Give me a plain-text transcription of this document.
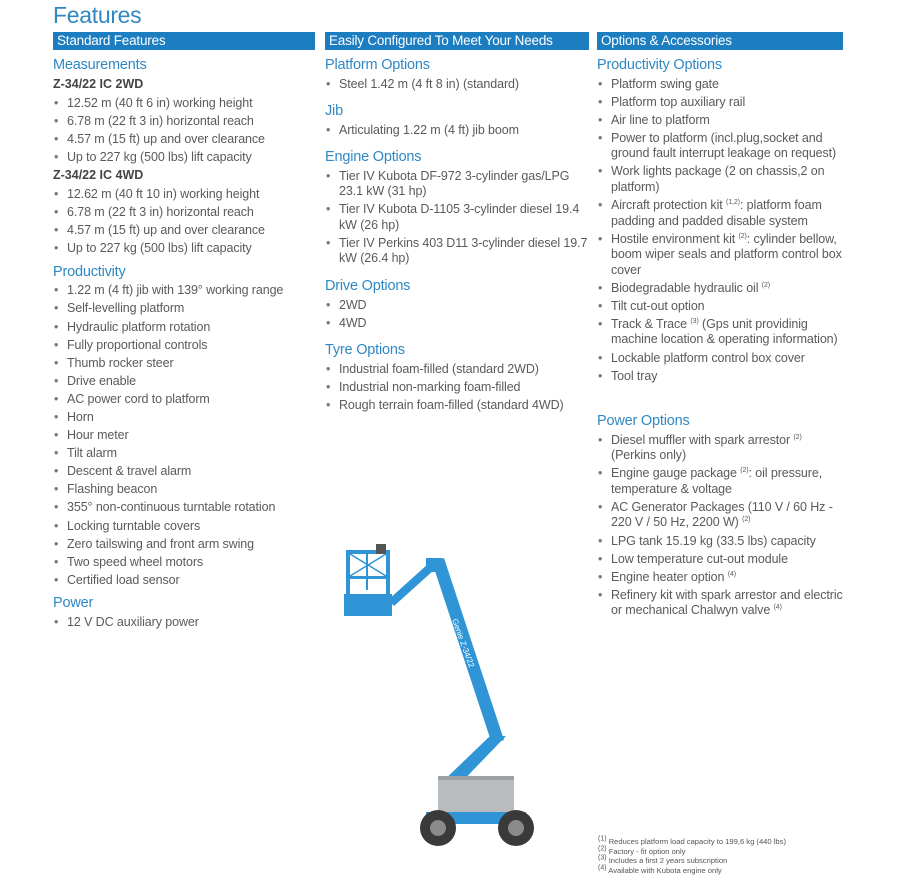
Features
Standard Features
Measurements
Z-34/22 IC 2WD
• 12.52 m (40 ft 6 in) working height
• 6.78 m (22 ft 3 in) horizontal reach
• 4.57 m (15 ft) up and over clearance
• Up to 227 kg (500 lbs) lift capacity
Z-34/22 IC 4WD
• 12.62 m (40 ft 10 in) working height
• 6.78 m (22 ft 3 in) horizontal reach
• 4.57 m (15 ft) up and over clearance
• Up to 227 kg (500 lbs) lift capacity
Productivity
• 1.22 m (4 ft) jib with 139° working range
• Self-levelling platform
• Hydraulic platform rotation
• Fully proportional controls
• Thumb rocker steer
• Drive enable
• AC power cord to platform
• Horn
• Hour meter
• Tilt alarm
• Descent & travel alarm
• Flashing beacon
• 355° non-continuous turntable rotation
• Locking turntable covers
• Zero tailswing and front arm swing
• Two speed wheel motors
• Certified load sensor
Power
• 12 V DC auxiliary power
Easily Configured To Meet Your Needs
Platform Options
• Steel 1.42 m (4 ft 8 in) (standard)
Jib
• Articulating 1.22 m (4 ft) jib boom
Engine Options
• Tier IV Kubota DF-972 3-cylinder gas/LPG 23.1 kW (31 hp)
• Tier IV Kubota D-1105 3-cylinder diesel 19.4 kW (26 hp)
• Tier IV Perkins 403 D11 3-cylinder diesel 19.7 kW (26.4 hp)
Drive Options
• 2WD
• 4WD
Tyre Options
• Industrial foam-filled (standard 2WD)
• Industrial non-marking foam-filled
• Rough terrain foam-filled (standard 4WD)
Options & Accessories
Productivity Options
• Platform swing gate
• Platform top auxiliary rail
• Air line to platform
• Power to platform (incl.plug,socket and ground fault interrupt leakage on request)
• Work lights package (2 on chassis,2 on platform)
• Aircraft protection kit $^{(1,2)}$: platform foam padding and padded disable system
• Hostile environment kit $^{(2)}$: cylinder bellow, boom wiper seals and platform control box cover
• Biodegradable hydraulic oil $^{(2)}$
• Tilt cut-out option
• Track & Trace $^{(3)}$ (Gps unit providinig machine location & operating information)
• Lockable platform control box cover
• Tool tray
Power Options
• Diesel muffler with spark arrestor $^{(2)}$ (Perkins only)
• Engine gauge package $^{(2)}$: oil pressure, temperature & voltage
• AC Generator Packages (110 V / 60 Hz - 220 V / 50 Hz, 2200 W) $^{(2)}$
• LPG tank 15.19 kg (33.5 lbs) capacity
• Low temperature cut-out module
• Engine heater option $^{(4)}$
• Refinery kit with spark arrestor and electric or mechanical Chalwyn valve $^{(4)}$
Genie Z-34/22
$^{(1)}$ Reduces platform load capacity to 199,6 kg (440 lbs)
$^{(2)}$ Factory - fit option only
$^{(3)}$ Includes a first 2 years subscription
$^{(4)}$ Available with Kubota engine only
